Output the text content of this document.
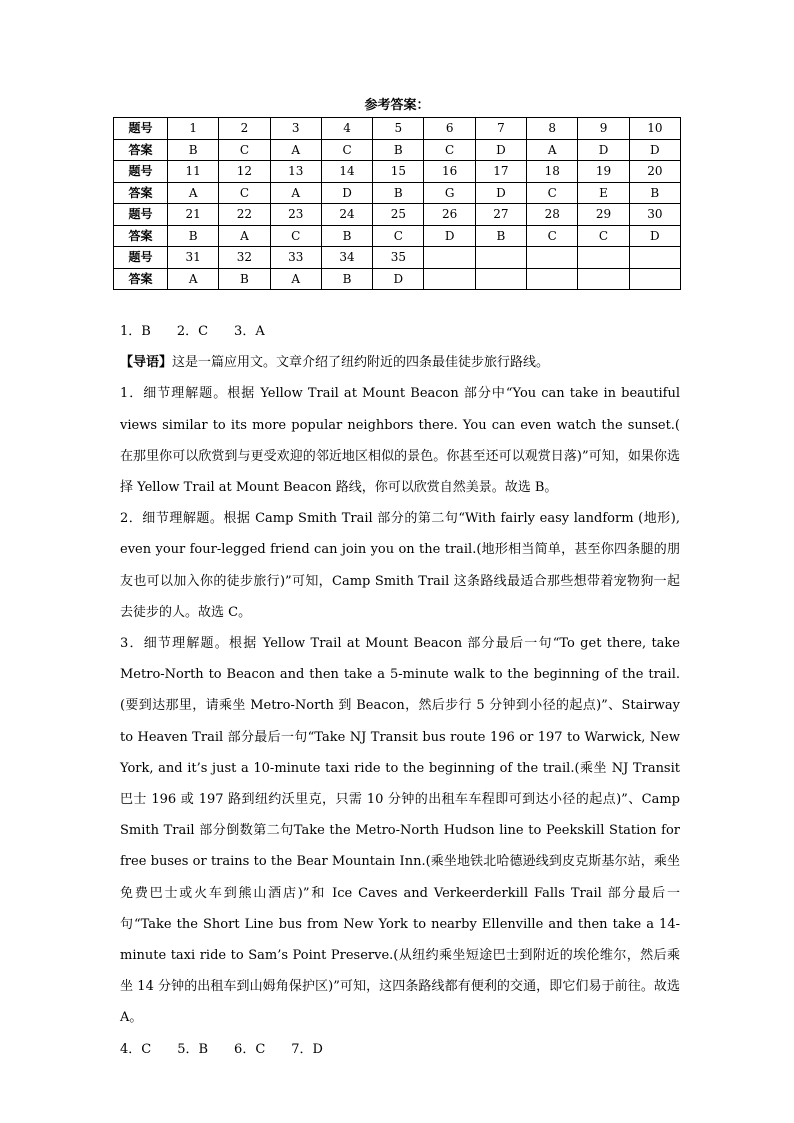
参考答案：
题号	1	2	3	4	5	6	7	8	9	10
答案	B	C	A	C	B	C	D	A	D	D
题号	11	12	13	14	15	16	17	18	19	20
答案	A	C	A	D	B	G	D	C	E	B
题号	21	22	23	24	25	26	27	28	29	30
答案	B	A	C	B	C	D	B	C	C	D
题号	31	32	33	34	35					
答案	A	B	A	B	D					

1．B　　2．C　　3．A

【导语】这是一篇应用文。文章介绍了纽约附近的四条最佳徒步旅行路线。

1．细节理解题。根据 Yellow Trail at Mount Beacon 部分中“You can take in beautiful views similar to its more popular neighbors there. You can even watch the sunset.( 在那里你可以欣赏到与更受欢迎的邻近地区相似的景色。你甚至还可以观赏日落)”可知，如果你选择 Yellow Trail at Mount Beacon 路线，你可以欣赏自然美景。故选 B。

2．细节理解题。根据 Camp Smith Trail 部分的第二句“With fairly easy landform (地形), even your four-legged friend can join you on the trail.(地形相当简单，甚至你四条腿的朋友也可以加入你的徒步旅行)”可知，Camp Smith Trail 这条路线最适合那些想带着宠物狗一起去徒步的人。故选 C。

3．细节理解题。根据 Yellow Trail at Mount Beacon 部分最后一句“To get there, take Metro-North to Beacon and then take a 5-minute walk to the beginning of the trail.(要到达那里，请乘坐 Metro-North 到 Beacon，然后步行 5 分钟到小径的起点)”、Stairway to Heaven Trail 部分最后一句“Take NJ Transit bus route 196 or 197 to Warwick, New York, and it’s just a 10-minute taxi ride to the beginning of the trail.(乘坐 NJ Transit 巴士 196 或 197 路到纽约沃里克，只需 10 分钟的出租车车程即可到达小径的起点)”、Camp Smith Trail 部分倒数第二句Take the Metro-North Hudson line to Peekskill Station for free buses or trains to the Bear Mountain Inn.(乘坐地铁北哈德逊线到皮克斯基尔站，乘坐免费巴士或火车到熊山酒店)”和 Ice Caves and Verkeerderkill Falls Trail 部分最后一句“Take the Short Line bus from New York to nearby Ellenville and then take a 14-minute taxi ride to Sam’s Point Preserve.(从纽约乘坐短途巴士到附近的埃伦维尔，然后乘坐 14 分钟的出租车到山姆角保护区)”可知，这四条路线都有便利的交通，即它们易于前往。故选 A。

4．C　　5．B　　6．C　　7．D
